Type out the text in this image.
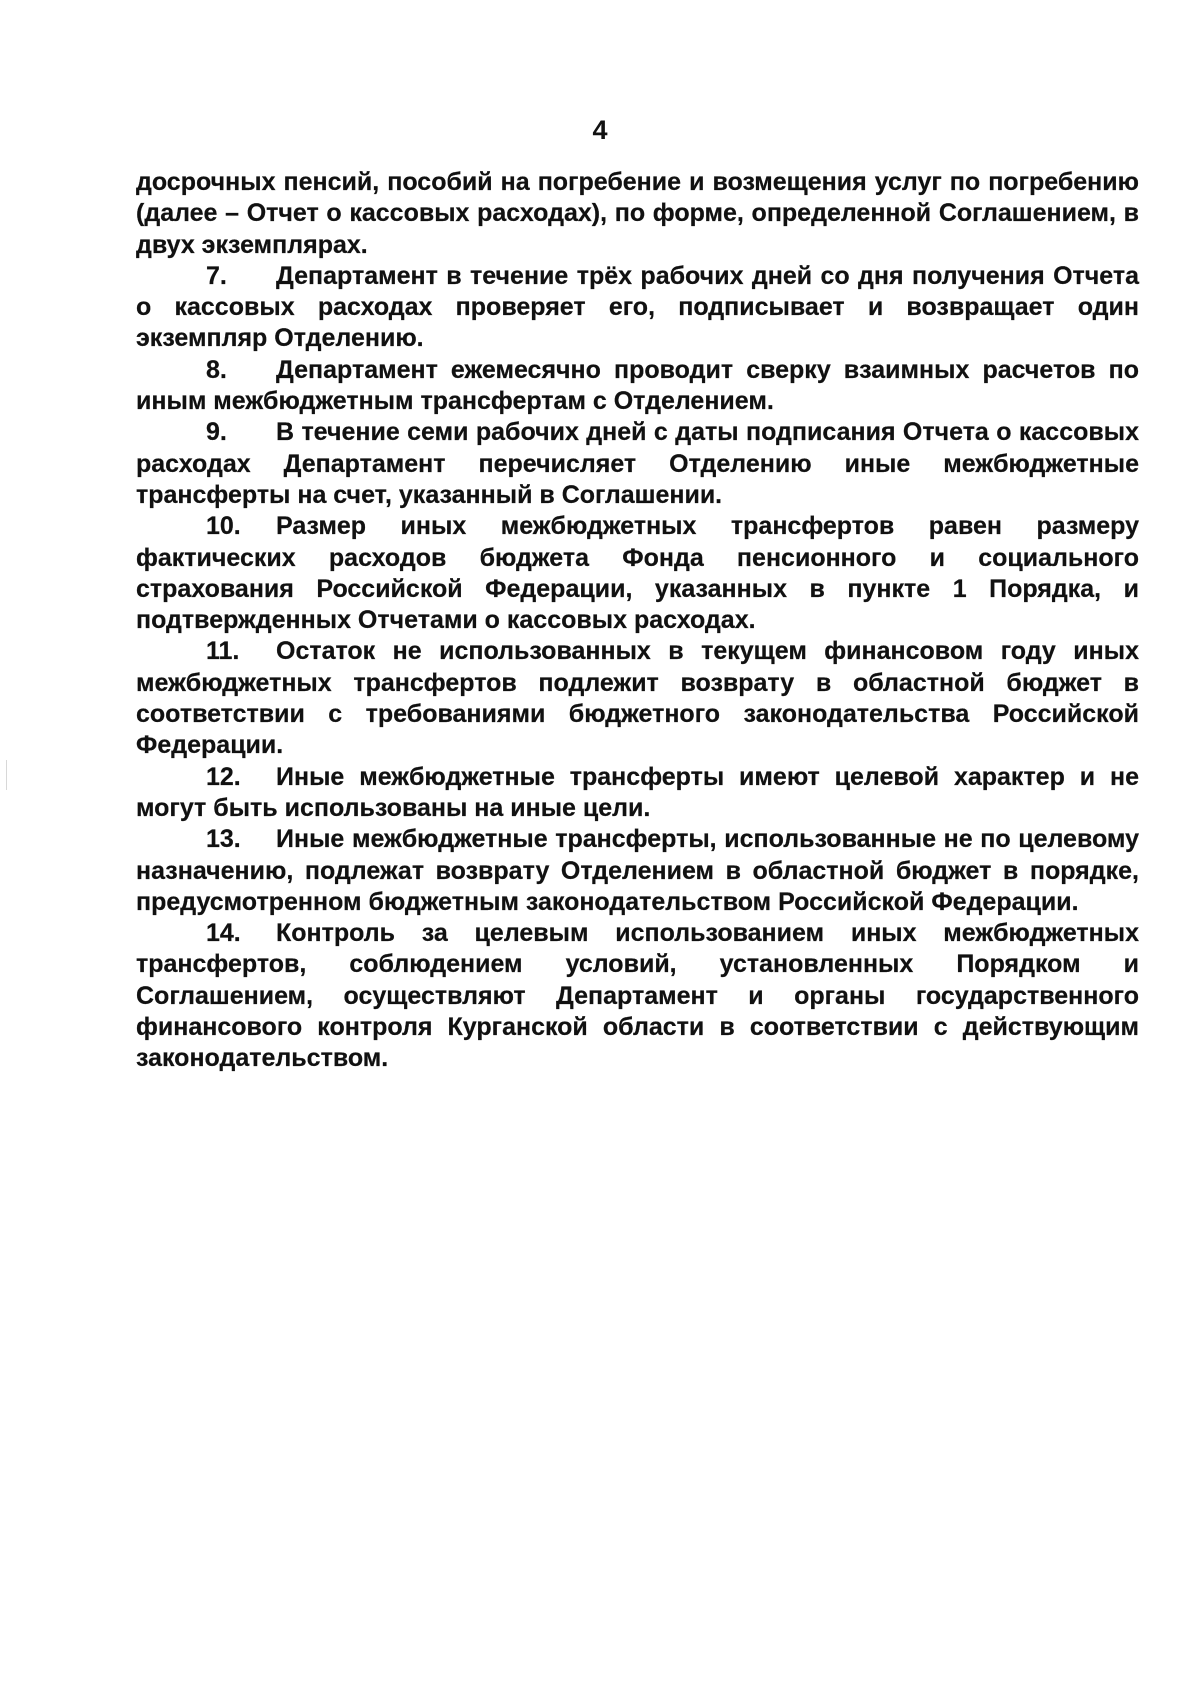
4

досрочных пенсий, пособий на погребение и возмещения услуг по погребению (далее – Отчет о кассовых расходах), по форме, определенной Соглашением, в двух экземплярах.

7. Департамент в течение трёх рабочих дней со дня получения Отчета о кассовых расходах проверяет его, подписывает и возвращает один экземпляр Отделению.

8. Департамент ежемесячно проводит сверку взаимных расчетов по иным межбюджетным трансфертам с Отделением.

9. В течение семи рабочих дней с даты подписания Отчета о кассовых расходах Департамент перечисляет Отделению иные межбюджетные трансферты на счет, указанный в Соглашении.

10. Размер иных межбюджетных трансфертов равен размеру фактических расходов бюджета Фонда пенсионного и социального страхования Российской Федерации, указанных в пункте 1 Порядка, и подтвержденных Отчетами о кассовых расходах.

11. Остаток не использованных в текущем финансовом году иных межбюджетных трансфертов подлежит возврату в областной бюджет в соответствии с требованиями бюджетного законодательства Российской Федерации.

12. Иные межбюджетные трансферты имеют целевой характер и не могут быть использованы на иные цели.

13. Иные межбюджетные трансферты, использованные не по целевому назначению, подлежат возврату Отделением в областной бюджет в порядке, предусмотренном бюджетным законодательством Российской Федерации.

14. Контроль за целевым использованием иных межбюджетных трансфертов, соблюдением условий, установленных Порядком и Соглашением, осуществляют Департамент и органы государственного финансового контроля Курганской области в соответствии с действующим законодательством.
